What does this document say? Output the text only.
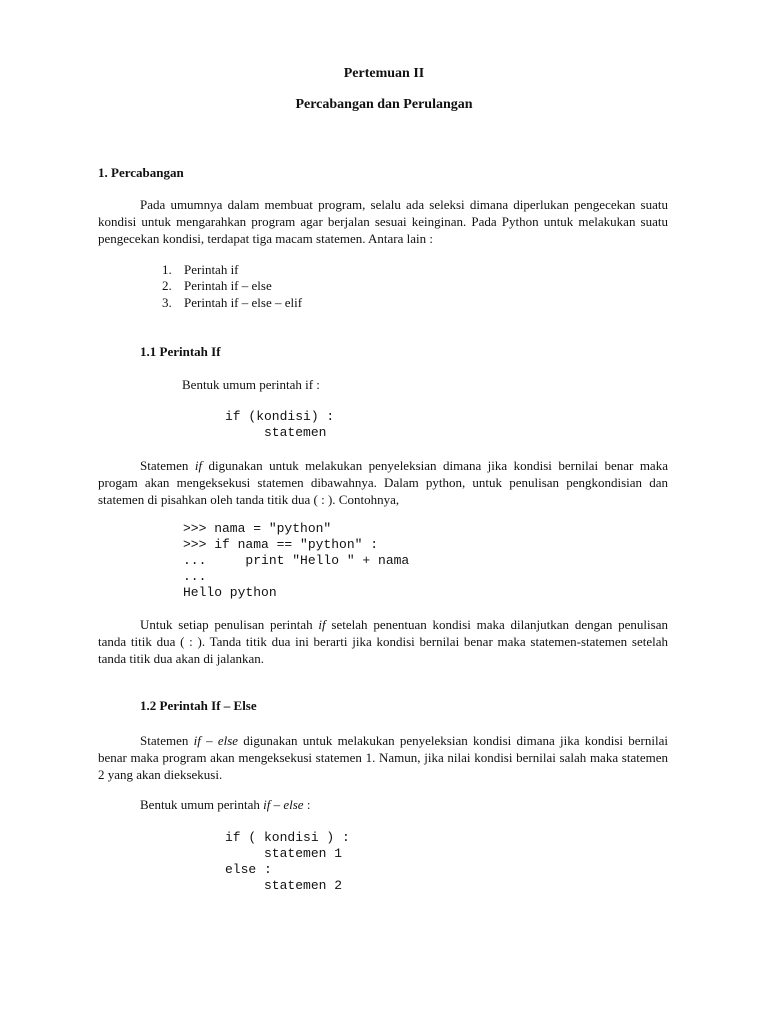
Pertemuan II
Percabangan dan Perulangan
1. Percabangan

Pada umumnya dalam membuat program, selalu ada seleksi dimana diperlukan pengecekan suatu kondisi untuk mengarahkan program agar berjalan sesuai keinginan. Pada Python untuk melakukan suatu pengecekan kondisi, terdapat tiga macam statemen. Antara lain :

1. Perintah if
2. Perintah if – else
3. Perintah if – else – elif
1.1 Perintah If
Bentuk umum perintah if :
if (kondisi) :
statemen

Statemen if digunakan untuk melakukan penyeleksian dimana jika kondisi bernilai benar maka progam akan mengeksekusi statemen dibawahnya. Dalam python, untuk penulisan pengkondisian dan statemen di pisahkan oleh tanda titik dua ( : ). Contohnya,

>>> nama = "python"
>>> if nama == "python" :
...     print "Hello " + nama
...
Hello python

Untuk setiap penulisan perintah if setelah penentuan kondisi maka dilanjutkan dengan penulisan tanda titik dua ( : ). Tanda titik dua ini berarti jika kondisi bernilai benar maka statemen-statemen setelah tanda titik dua akan di jalankan.

1.2 Perintah If – Else

Statemen if – else digunakan untuk melakukan penyeleksian kondisi dimana jika kondisi bernilai benar maka program akan mengeksekusi statemen 1. Namun, jika nilai kondisi bernilai salah maka statemen 2 yang akan dieksekusi.

Bentuk umum perintah if – else :
if ( kondisi ) :
statemen 1
else :
statemen 2
